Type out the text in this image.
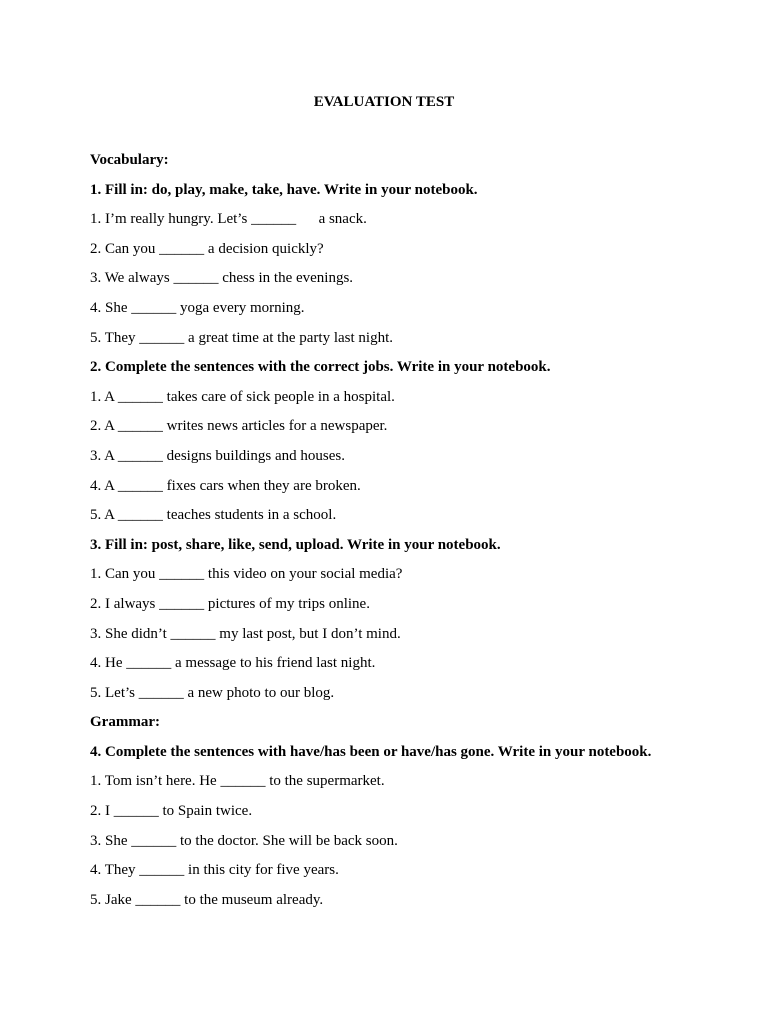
EVALUATION TEST
Vocabulary:
1. Fill in: do, play, make, take, have. Write in your notebook.
1. I’m really hungry. Let’s ______      a snack.
2. Can you ______ a decision quickly?
3. We always ______ chess in the evenings.
4. She ______ yoga every morning.
5. They ______ a great time at the party last night.
2. Complete the sentences with the correct jobs. Write in your notebook.
1. A ______ takes care of sick people in a hospital.
2. A ______ writes news articles for a newspaper.
3. A ______ designs buildings and houses.
4. A ______ fixes cars when they are broken.
5. A ______ teaches students in a school.
3. Fill in: post, share, like, send, upload. Write in your notebook.
1. Can you ______ this video on your social media?
2. I always ______ pictures of my trips online.
3. She didn’t ______ my last post, but I don’t mind.
4. He ______ a message to his friend last night.
5. Let’s ______ a new photo to our blog.
Grammar:
4. Complete the sentences with have/has been or have/has gone. Write in your notebook.
1. Tom isn’t here. He ______ to the supermarket.
2. I ______ to Spain twice.
3. She ______ to the doctor. She will be back soon.
4. They ______ in this city for five years.
5. Jake ______ to the museum already.
